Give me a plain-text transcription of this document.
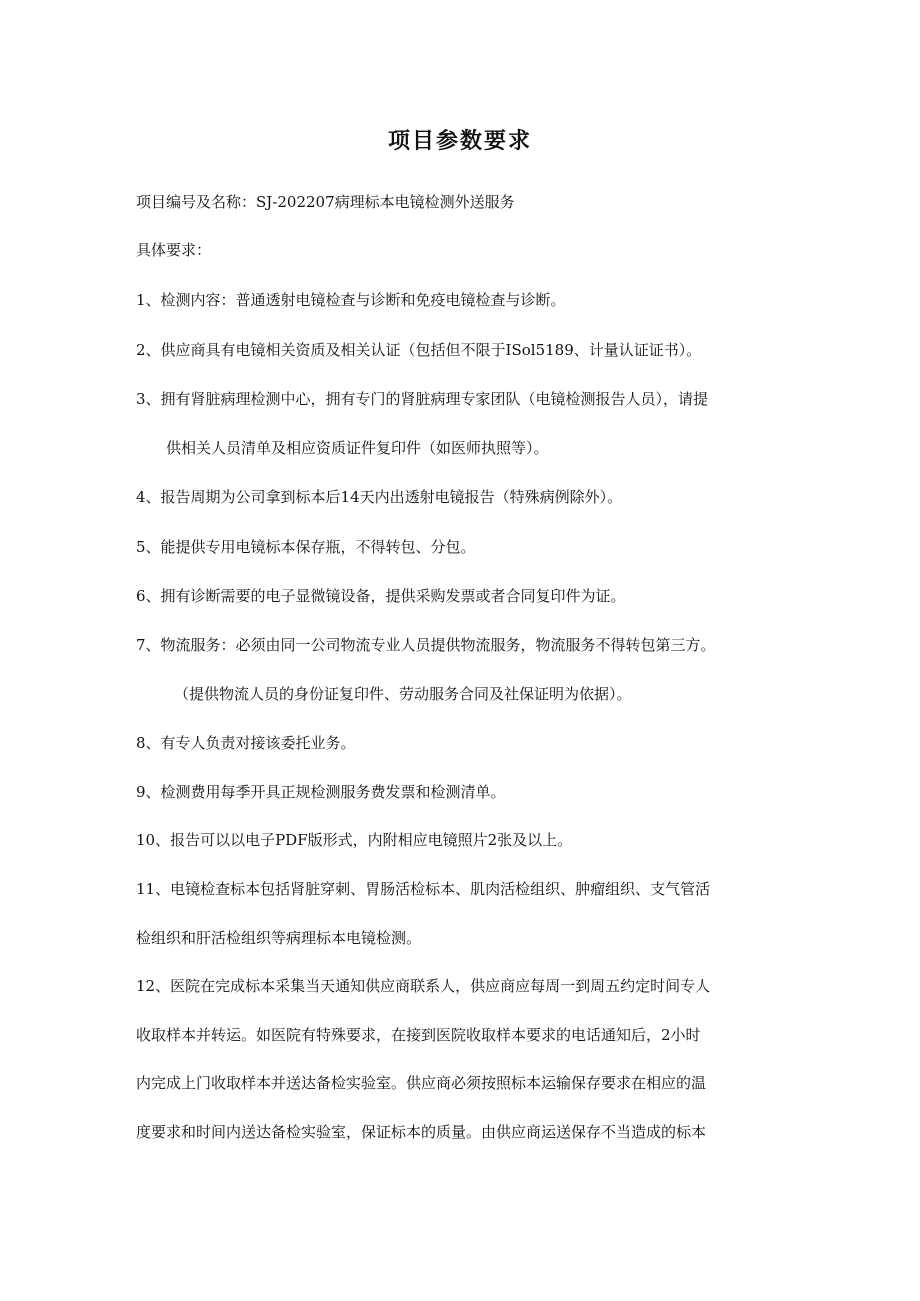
项目参数要求
项目编号及名称：SJ-202207病理标本电镜检测外送服务
具体要求：
1、检测内容：普通透射电镜检查与诊断和免疫电镜检查与诊断。
2、供应商具有电镜相关资质及相关认证（包括但不限于ISol5189、计量认证证书）。
3、拥有肾脏病理检测中心，拥有专门的肾脏病理专家团队（电镜检测报告人员），请提
供相关人员清单及相应资质证件复印件（如医师执照等）。
4、报告周期为公司拿到标本后14天内出透射电镜报告（特殊病例除外）。
5、能提供专用电镜标本保存瓶，不得转包、分包。
6、拥有诊断需要的电子显微镜设备，提供采购发票或者合同复印件为证。
7、物流服务：必须由同一公司物流专业人员提供物流服务，物流服务不得转包第三方。
（提供物流人员的身份证复印件、劳动服务合同及社保证明为依据）。
8、有专人负责对接该委托业务。
9、检测费用每季开具正规检测服务费发票和检测清单。
10、报告可以以电子PDF版形式，内附相应电镜照片2张及以上。
11、电镜检查标本包括肾脏穿刺、胃肠活检标本、肌肉活检组织、肿瘤组织、支气管活
检组织和肝活检组织等病理标本电镜检测。
12、医院在完成标本采集当天通知供应商联系人，供应商应每周一到周五约定时间专人
收取样本并转运。如医院有特殊要求，在接到医院收取样本要求的电话通知后，2小时
内完成上门收取样本并送达备检实验室。供应商必须按照标本运输保存要求在相应的温
度要求和时间内送达备检实验室，保证标本的质量。由供应商运送保存不当造成的标本
